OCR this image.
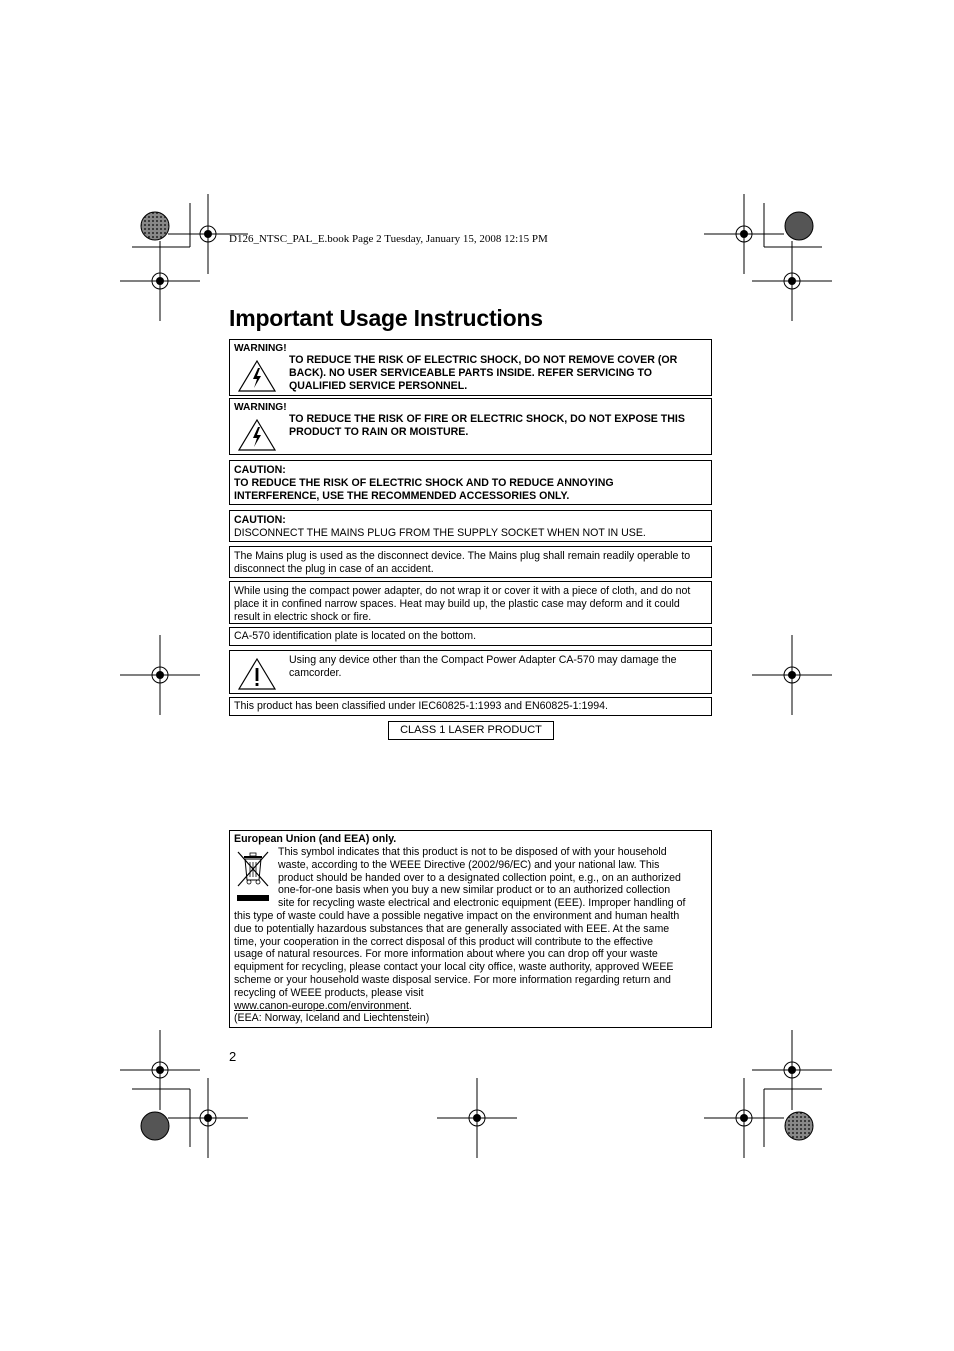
D126_NTSC_PAL_E.book Page 2 Tuesday, January 15, 2008 12:15 PM
Important Usage Instructions
WARNING!
TO REDUCE THE RISK OF ELECTRIC SHOCK, DO NOT REMOVE COVER (OR BACK). NO USER SERVICEABLE PARTS INSIDE. REFER SERVICING TO QUALIFIED SERVICE PERSONNEL.
WARNING!
TO REDUCE THE RISK OF FIRE OR ELECTRIC SHOCK, DO NOT EXPOSE THIS PRODUCT TO RAIN OR MOISTURE.
CAUTION:
TO REDUCE THE RISK OF ELECTRIC SHOCK AND TO REDUCE ANNOYING INTERFERENCE, USE THE RECOMMENDED ACCESSORIES ONLY.
CAUTION:
DISCONNECT THE MAINS PLUG FROM THE SUPPLY SOCKET WHEN NOT IN USE.
The Mains plug is used as the disconnect device. The Mains plug shall remain readily operable to disconnect the plug in case of an accident.
While using the compact power adapter, do not wrap it or cover it with a piece of cloth, and do not place it in confined narrow spaces. Heat may build up, the plastic case may deform and it could result in electric shock or fire.
CA-570 identification plate is located on the bottom.
Using any device other than the Compact Power Adapter CA-570 may damage the camcorder.
This product has been classified under IEC60825-1:1993 and EN60825-1:1994.
CLASS 1 LASER PRODUCT
European Union (and EEA) only.
This symbol indicates that this product is not to be disposed of with your household
waste, according to the WEEE Directive (2002/96/EC) and your national law. This
product should be handed over to a designated collection point, e.g., on an authorized
one-for-one basis when you buy a new similar product or to an authorized collection
site for recycling waste electrical and electronic equipment (EEE). Improper handling of
this type of waste could have a possible negative impact on the environment and human health
due to potentially hazardous substances that are generally associated with EEE. At the same
time, your cooperation in the correct disposal of this product will contribute to the effective
usage of natural resources. For more information about where you can drop off your waste
equipment for recycling, please contact your local city office, waste authority, approved WEEE
scheme or your household waste disposal service. For more information regarding return and
recycling of WEEE products, please visit
www.canon-europe.com/environment.
(EEA: Norway, Iceland and Liechtenstein)
2
